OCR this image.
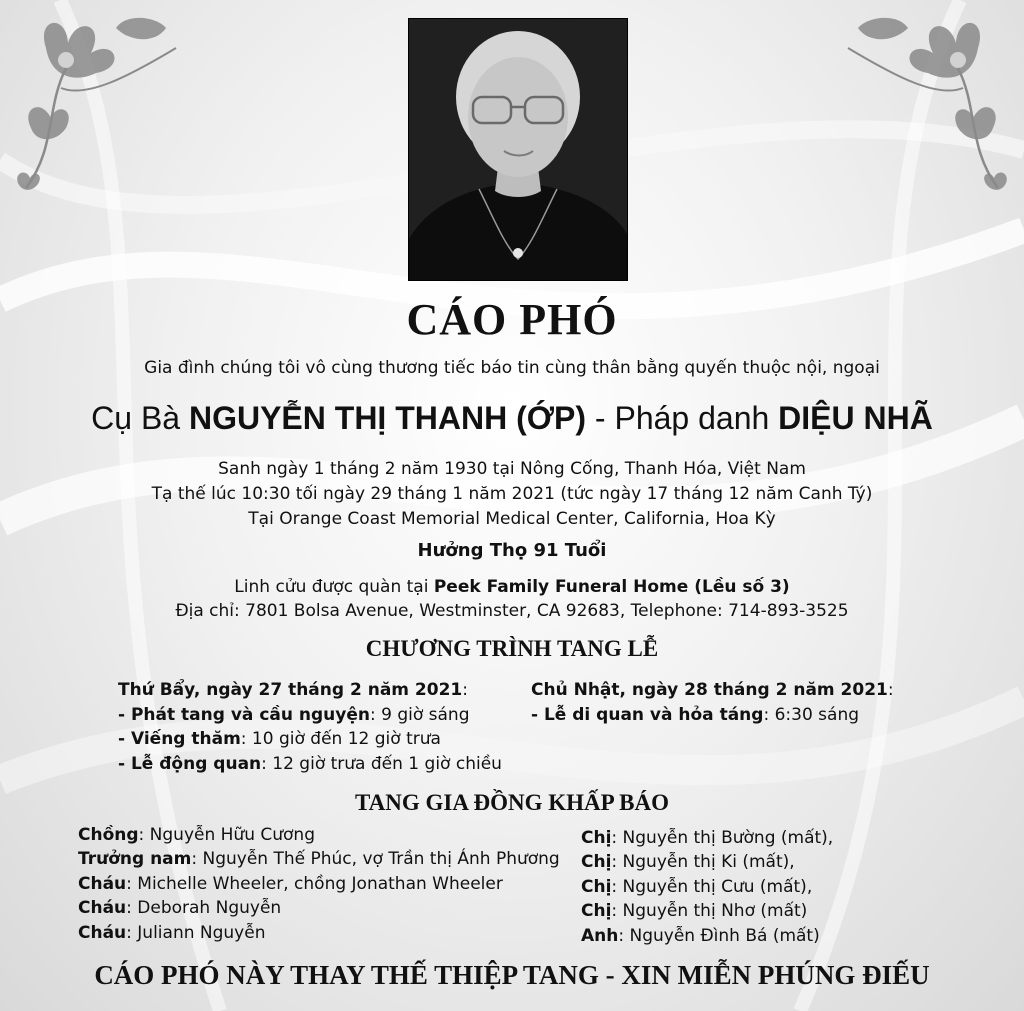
CÁO PHÓ
Gia đình chúng tôi vô cùng thương tiếc báo tin cùng thân bằng quyến thuộc nội, ngoại
Cụ Bà NGUYỄN THỊ THANH (ỚP) - Pháp danh DIỆU NHÃ
Sanh ngày 1 tháng 2 năm 1930 tại Nông Cống, Thanh Hóa, Việt Nam
Tạ thế lúc 10:30 tối ngày 29 tháng 1 năm 2021 (tức ngày 17 tháng 12 năm Canh Tý)
Tại Orange Coast Memorial Medical Center, California, Hoa Kỳ
Hưởng Thọ 91 Tuổi
Linh cửu được quàn tại Peek Family Funeral Home (Lều số 3)
Địa chỉ: 7801 Bolsa Avenue, Westminster, CA 92683, Telephone: 714-893-3525
CHƯƠNG TRÌNH TANG LỄ
Thứ Bẩy, ngày 27 tháng 2 năm 2021:
- Phát tang và cầu nguyện: 9 giờ sáng
- Viếng thăm: 10 giờ đến 12 giờ trưa
- Lễ động quan: 12 giờ trưa đến 1 giờ chiều
Chủ Nhật, ngày 28 tháng 2 năm 2021:
- Lễ di quan và hỏa táng: 6:30 sáng
TANG GIA ĐỒNG KHẤP BÁO
Chồng: Nguyễn Hữu Cương
Trưởng nam: Nguyễn Thế Phúc, vợ Trần thị Ánh Phương
Cháu: Michelle Wheeler, chồng Jonathan Wheeler
Cháu: Deborah Nguyễn
Cháu: Juliann Nguyễn
Chị: Nguyễn thị Bường (mất),
Chị: Nguyễn thị Ki (mất),
Chị: Nguyễn thị Cưu (mất),
Chị: Nguyễn thị Nhơ (mất)
Anh: Nguyễn Đình Bá (mất)
CÁO PHÓ NÀY THAY THẾ THIỆP TANG - XIN MIỄN PHÚNG ĐIẾU
